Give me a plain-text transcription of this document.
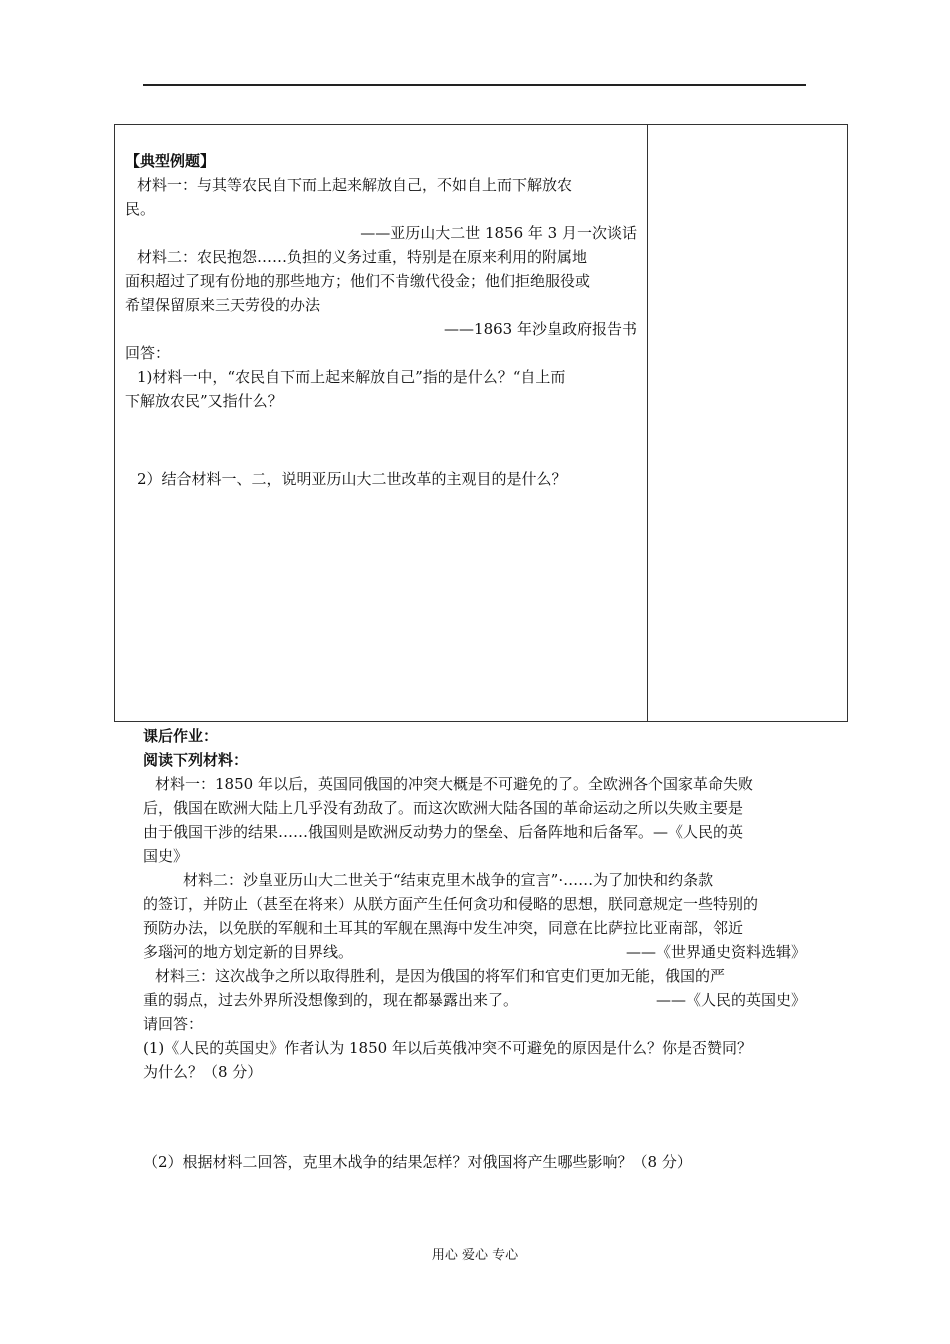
【典型例题】
材料一：与其等农民自下而上起来解放自己，不如自上而下解放农
民。
——亚历山大二世 1856 年 3 月一次谈话
材料二：农民抱怨……负担的义务过重，特别是在原来利用的附属地
面积超过了现有份地的那些地方；他们不肯缴代役金；他们拒绝服役或
希望保留原来三天劳役的办法
——1863 年沙皇政府报告书
回答：
1)材料一中，“农民自下而上起来解放自己”指的是什么？“自上而
下解放农民”又指什么？
2）结合材料一、二，说明亚历山大二世改革的主观目的是什么？
课后作业：
阅读下列材料：
材料一：1850 年以后，英国同俄国的冲突大概是不可避免的了。全欧洲各个国家革命失败
后，俄国在欧洲大陆上几乎没有劲敌了。而这次欧洲大陆各国的革命运动之所以失败主要是
由于俄国干涉的结果……俄国则是欧洲反动势力的堡垒、后备阵地和后备军。—《人民的英
国史》
材料二：沙皇亚历山大二世关于“结束克里木战争的宣言”·……为了加快和约条款
的签订，并防止（甚至在将来）从朕方面产生任何贪功和侵略的思想，朕同意规定一些特别的
预防办法，以免朕的军舰和土耳其的军舰在黑海中发生冲突，同意在比萨拉比亚南部，邻近
多瑙河的地方划定新的目界线。	——《世界通史资料选辑》
材料三：这次战争之所以取得胜利，是因为俄国的将军们和官吏们更加无能，俄国的严
重的弱点，过去外界所没想像到的，现在都暴露出来了。	——《人民的英国史》
请回答：
(1)《人民的英国史》作者认为 1850 年以后英俄冲突不可避免的原因是什么？你是否赞同？
为什么？（8 分）
（2）根据材料二回答，克里木战争的结果怎样？对俄国将产生哪些影响？（8 分）
用心 爱心 专心
